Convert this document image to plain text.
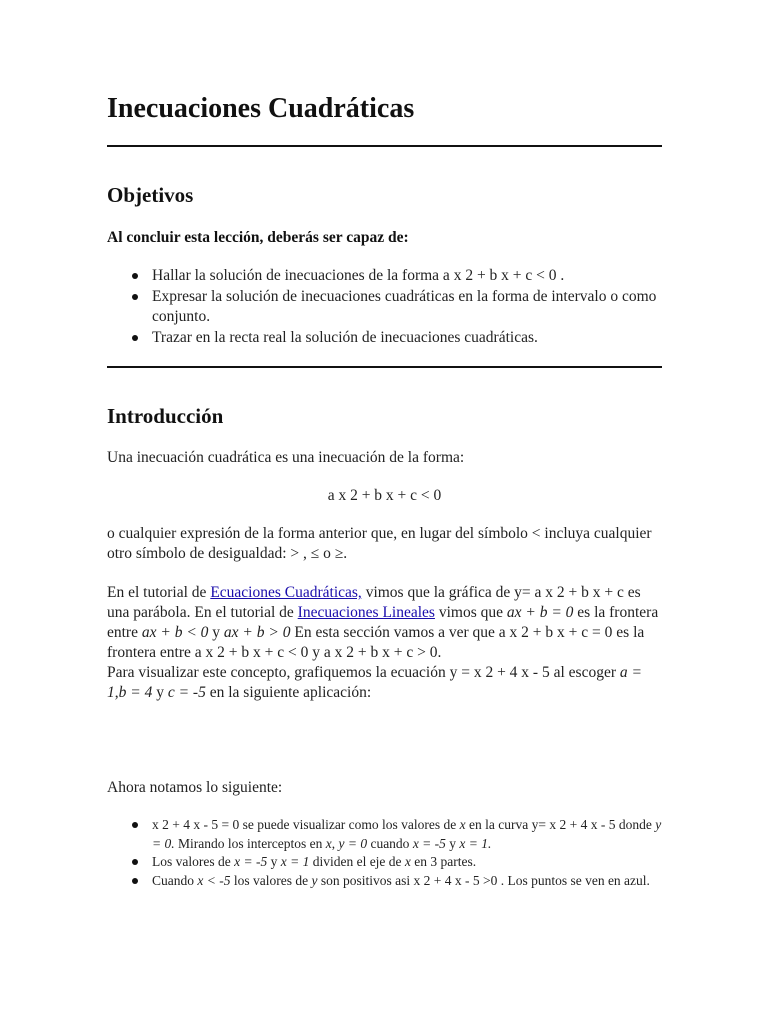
Inecuaciones Cuadráticas
Objetivos
Al concluir esta lección, deberás ser capaz de:
Hallar la solución de inecuaciones de la forma a x 2 + b x + c < 0 .
Expresar la solución de inecuaciones cuadráticas en la forma de intervalo o como conjunto.
Trazar en la recta real la solución de inecuaciones cuadráticas.
Introducción
Una inecuación cuadrática es una inecuación de la forma:
a x 2 + b x + c < 0
o cualquier expresión de la forma anterior que, en lugar del símbolo < incluya cualquier otro símbolo de desigualdad: > , ≤ o ≥.
En el tutorial de Ecuaciones Cuadráticas, vimos que la gráfica de y= a x 2 + b x + c es una parábola. En el tutorial de Inecuaciones Lineales vimos que ax + b = 0 es la frontera entre ax + b < 0 y ax + b > 0 En esta sección vamos a ver que a x 2 + b x + c = 0 es la frontera entre a x 2 + b x + c < 0 y a x 2 + b x + c > 0.
Para visualizar este concepto, grafiquemos la ecuación y = x 2 + 4 x - 5 al escoger a = 1,b = 4 y c = -5 en la siguiente aplicación:
Ahora notamos lo siguiente:
x 2 + 4 x - 5 = 0 se puede visualizar como los valores de x en la curva y= x 2 + 4 x - 5 donde y = 0. Mirando los interceptos en x, y = 0 cuando x = -5 y x = 1.
Los valores de x = -5 y x = 1 dividen el eje de x en 3 partes.
Cuando x < -5 los valores de y son positivos asi x 2 + 4 x - 5 >0 . Los puntos se ven en azul.
